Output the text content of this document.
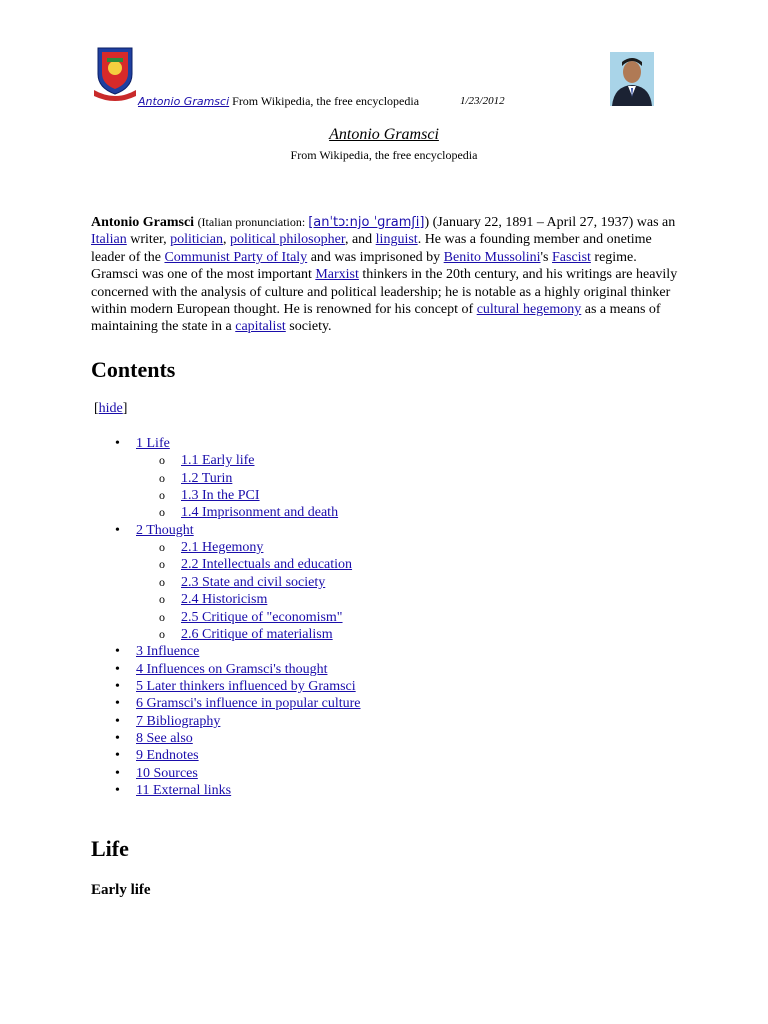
Antonio Gramsci From Wikipedia, the free encyclopedia	1/23/2012
Antonio Gramsci
From Wikipedia, the free encyclopedia
Antonio Gramsci (Italian pronunciation: [anˈtɔːnjo ˈɡramʃi]) (January 22, 1891 – April 27, 1937) was an Italian writer, politician, political philosopher, and linguist. He was a founding member and onetime leader of the Communist Party of Italy and was imprisoned by Benito Mussolini's Fascist regime. Gramsci was one of the most important Marxist thinkers in the 20th century, and his writings are heavily concerned with the analysis of culture and political leadership; he is notable as a highly original thinker within modern European thought. He is renowned for his concept of cultural hegemony as a means of maintaining the state in a capitalist society.
Contents
[hide]
• 1 Life
o 1.1 Early life
o 1.2 Turin
o 1.3 In the PCI
o 1.4 Imprisonment and death
• 2 Thought
o 2.1 Hegemony
o 2.2 Intellectuals and education
o 2.3 State and civil society
o 2.4 Historicism
o 2.5 Critique of "economism"
o 2.6 Critique of materialism
• 3 Influence
• 4 Influences on Gramsci's thought
• 5 Later thinkers influenced by Gramsci
• 6 Gramsci's influence in popular culture
• 7 Bibliography
• 8 See also
• 9 Endnotes
• 10 Sources
• 11 External links
Life
Early life
